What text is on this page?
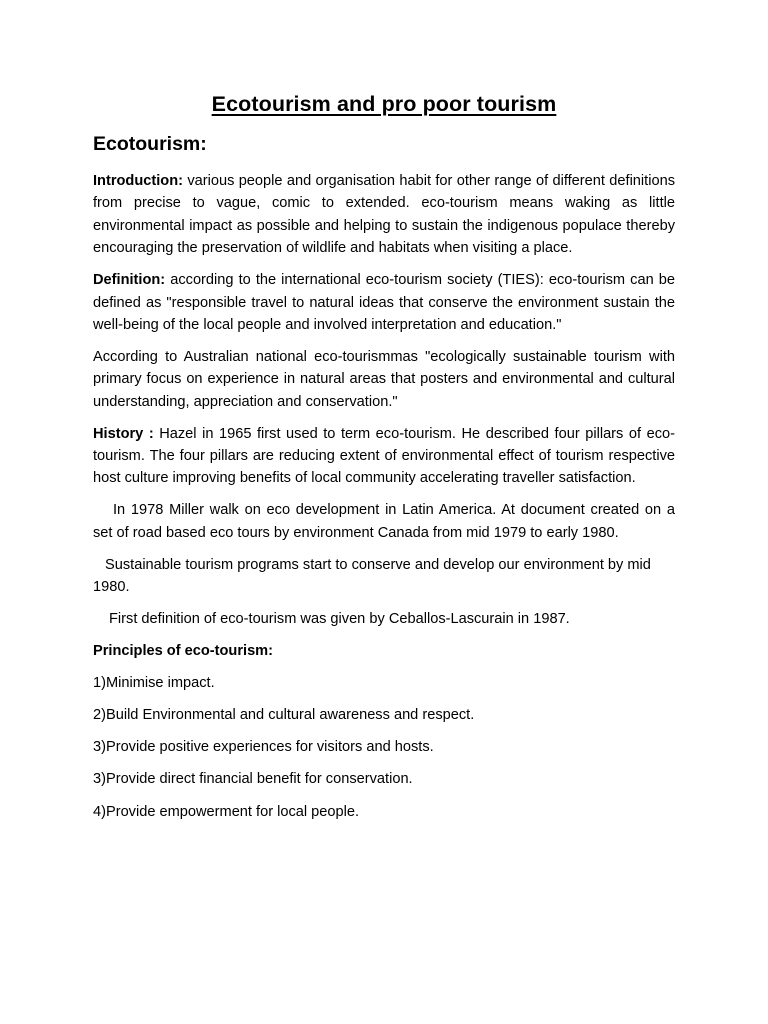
Ecotourism and pro poor tourism
Ecotourism:

Introduction: various people and organisation habit for other range of different definitions from precise to vague, comic to extended. eco-tourism means waking as little environmental impact as possible and helping to sustain the indigenous populace thereby encouraging the preservation of wildlife and habitats when visiting a place.

Definition: according to the international eco-tourism society (TIES): eco-tourism can be defined as "responsible travel to natural ideas that conserve the environment sustain the well-being of the local people and involved interpretation and education."

According to Australian national eco-tourismmas "ecologically sustainable tourism with primary focus on experience in natural areas that posters and environmental and cultural understanding, appreciation and conservation."

History : Hazel in 1965 first used to term eco-tourism. He described four pillars of eco-tourism. The four pillars are reducing extent of environmental effect of tourism respective host culture improving benefits of local community accelerating traveller satisfaction.

In 1978 Miller walk on eco development in Latin America. At document created on a set of road based eco tours by environment Canada from mid 1979 to early 1980.

Sustainable tourism programs start to conserve and develop our environment by mid 1980.

First definition of eco-tourism was given by Ceballos-Lascurain in 1987.

Principles of eco-tourism:
1)Minimise impact.
2)Build Environmental and cultural awareness and respect.
3)Provide positive experiences for visitors and hosts.
3)Provide direct financial benefit for conservation.
4)Provide empowerment for local people.
